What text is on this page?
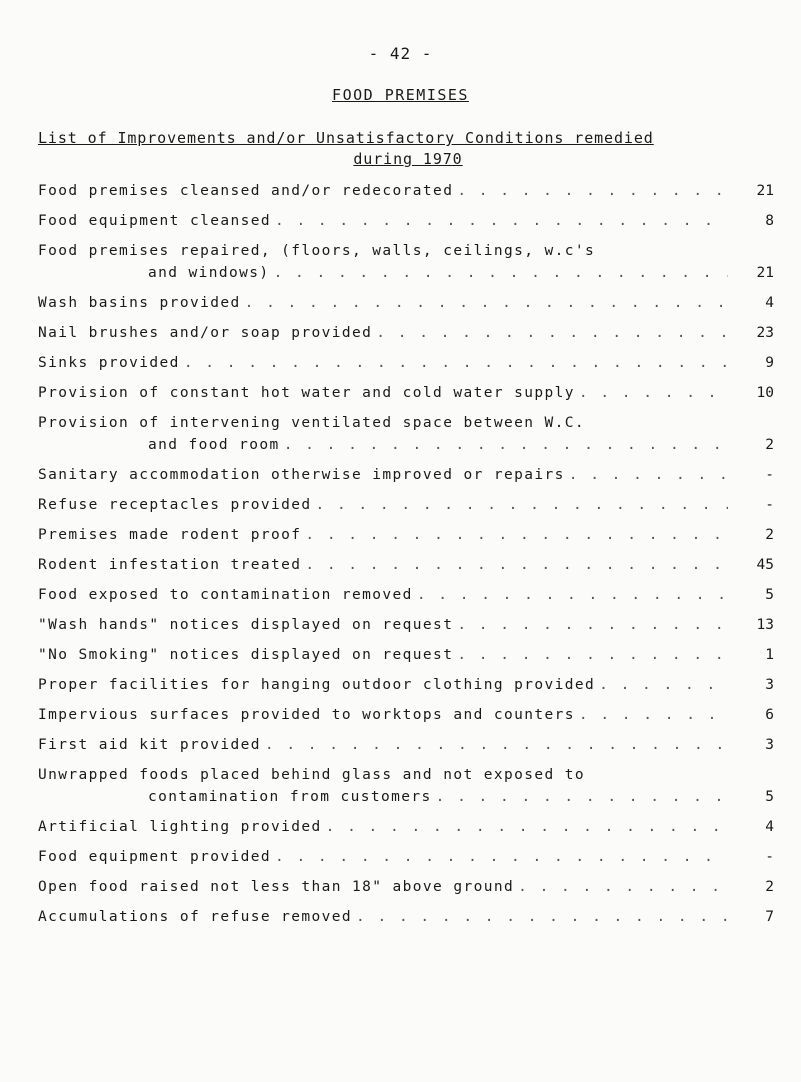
- 42 -
FOOD PREMISES
List of Improvements and/or Unsatisfactory Conditions remedied
during 1970
Food premises cleansed and/or redecorated . . .	21
Food equipment cleansed . . .	8
Food premises repaired, (floors, walls, ceilings, w.c's
and windows) . . .	21
Wash basins provided . . .	4
Nail brushes and/or soap provided . . .	23
Sinks provided . . .	9
Provision of constant hot water and cold water supply . . .	10
Provision of intervening ventilated space between W.C.
and food room . . .	2
Sanitary accommodation otherwise improved or repairs . . .	-
Refuse receptacles provided . . .	-
Premises made rodent proof . . .	2
Rodent infestation treated . . .	45
Food exposed to contamination removed . . .	5
"Wash hands" notices displayed on request . . .	13
"No Smoking" notices displayed on request . . .	1
Proper facilities for hanging outdoor clothing provided . . .	3
Impervious surfaces provided to worktops and counters . . .	6
First aid kit provided . . .	3
Unwrapped foods placed behind glass and not exposed to
contamination from customers . . .	5
Artificial lighting provided . . .	4
Food equipment provided . . .	-
Open food raised not less than 18" above ground . . .	2
Accumulations of refuse removed . . .	7
